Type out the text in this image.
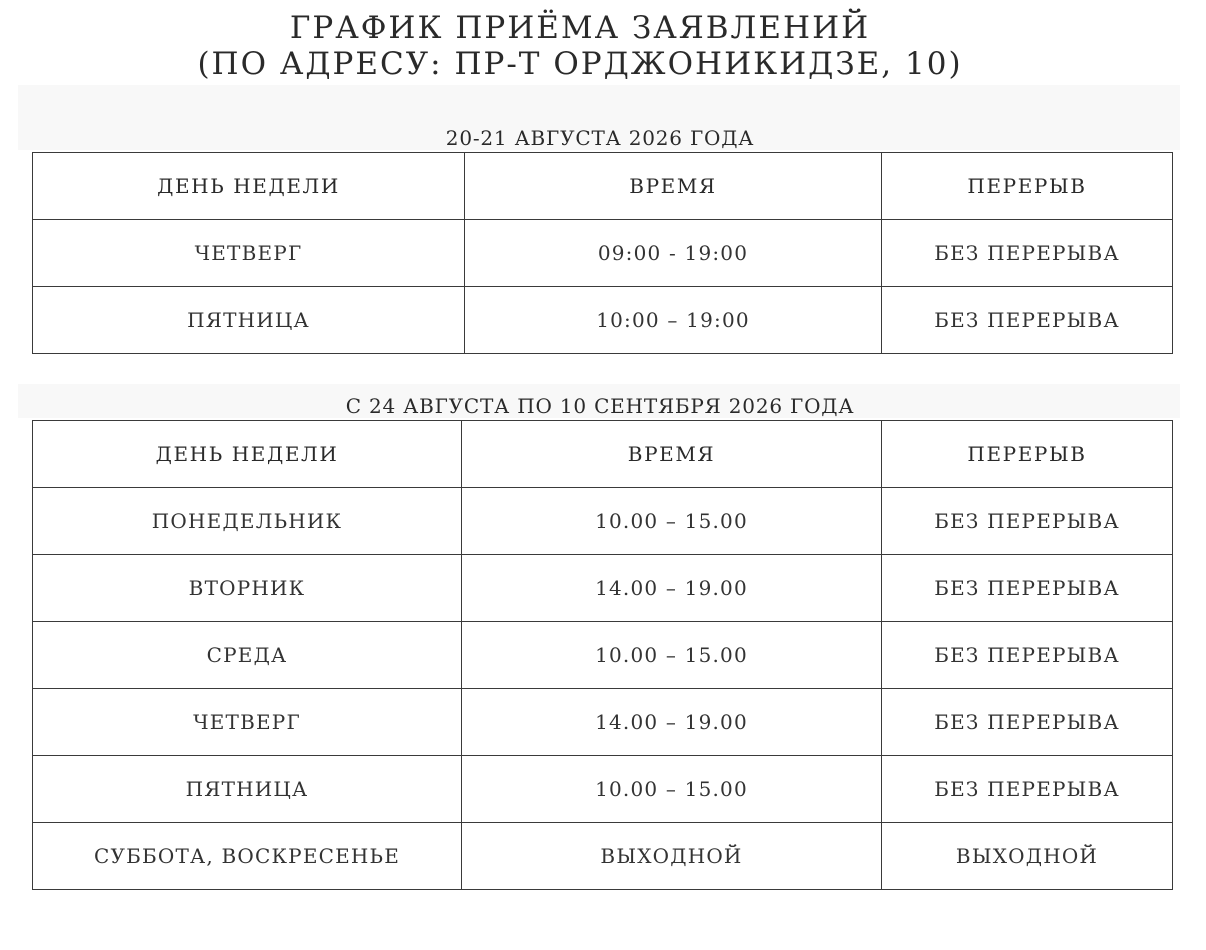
ГРАФИК ПРИЁМА ЗАЯВЛЕНИЙ
(ПО АДРЕСУ: ПР-Т ОРДЖОНИКИДЗЕ, 10)
20-21 АВГУСТА 2026 ГОДА
ДЕНЬ НЕДЕЛИ	ВРЕМЯ	ПЕРЕРЫВ
ЧЕТВЕРГ	09:00 - 19:00	БЕЗ ПЕРЕРЫВА
ПЯТНИЦА	10:00 – 19:00	БЕЗ ПЕРЕРЫВА
С 24 АВГУСТА ПО 10 СЕНТЯБРЯ 2026 ГОДА
ДЕНЬ НЕДЕЛИ	ВРЕМЯ	ПЕРЕРЫВ
ПОНЕДЕЛЬНИК	10.00 – 15.00	БЕЗ ПЕРЕРЫВА
ВТОРНИК	14.00 – 19.00	БЕЗ ПЕРЕРЫВА
СРЕДА	10.00 – 15.00	БЕЗ ПЕРЕРЫВА
ЧЕТВЕРГ	14.00 – 19.00	БЕЗ ПЕРЕРЫВА
ПЯТНИЦА	10.00 – 15.00	БЕЗ ПЕРЕРЫВА
СУББОТА, ВОСКРЕСЕНЬЕ	ВЫХОДНОЙ	ВЫХОДНОЙ
